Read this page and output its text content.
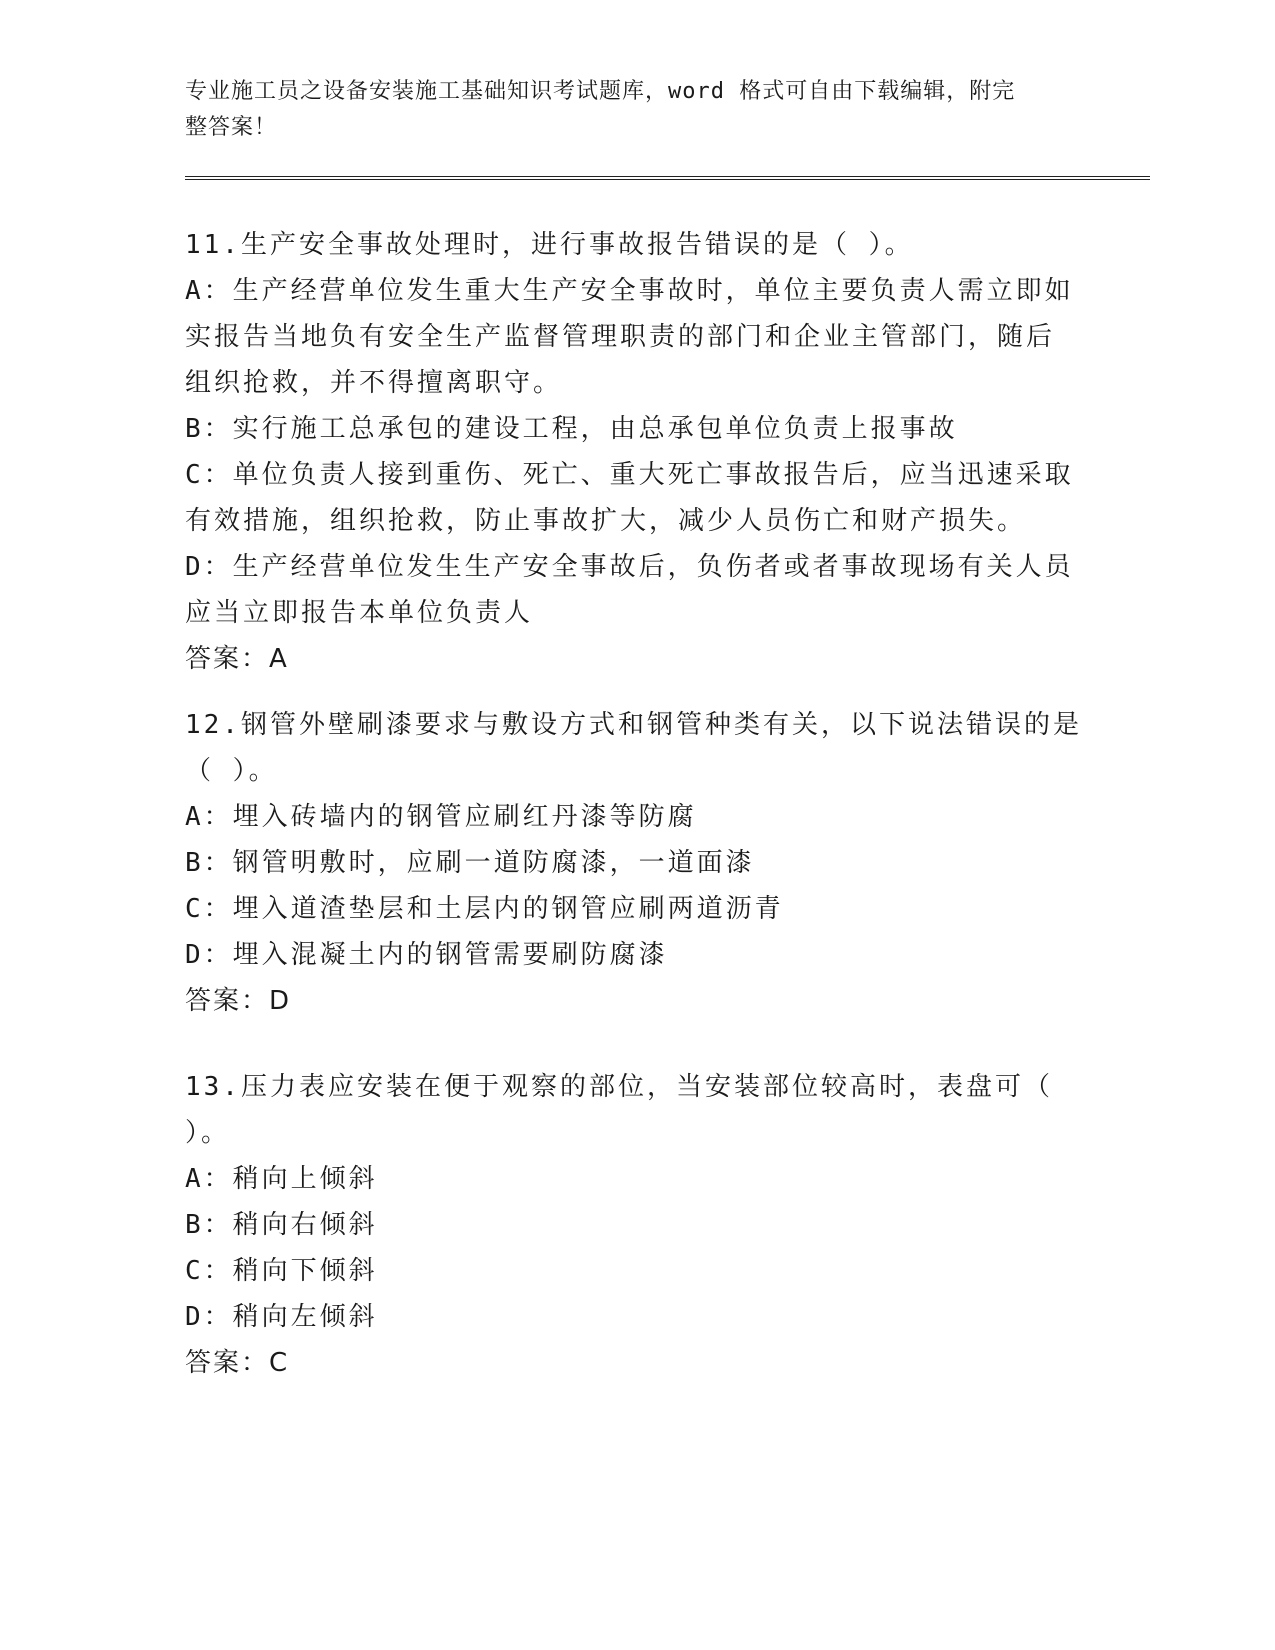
专业施工员之设备安装施工基础知识考试题库，word 格式可自由下载编辑，附完
整答案！
11.生产安全事故处理时，进行事故报告错误的是（ ）。
A：生产经营单位发生重大生产安全事故时，单位主要负责人需立即如
实报告当地负有安全生产监督管理职责的部门和企业主管部门，随后
组织抢救，并不得擅离职守。
B：实行施工总承包的建设工程，由总承包单位负责上报事故
C：单位负责人接到重伤、死亡、重大死亡事故报告后，应当迅速采取
有效措施，组织抢救，防止事故扩大，减少人员伤亡和财产损失。
D：生产经营单位发生生产安全事故后，负伤者或者事故现场有关人员
应当立即报告本单位负责人
答案：A
12.钢管外壁刷漆要求与敷设方式和钢管种类有关，以下说法错误的是
（ ）。
A：埋入砖墙内的钢管应刷红丹漆等防腐
B：钢管明敷时，应刷一道防腐漆，一道面漆
C：埋入道渣垫层和土层内的钢管应刷两道沥青
D：埋入混凝土内的钢管需要刷防腐漆
答案：D
13.压力表应安装在便于观察的部位，当安装部位较高时，表盘可（
）。
A：稍向上倾斜
B：稍向右倾斜
C：稍向下倾斜
D：稍向左倾斜
答案：C
